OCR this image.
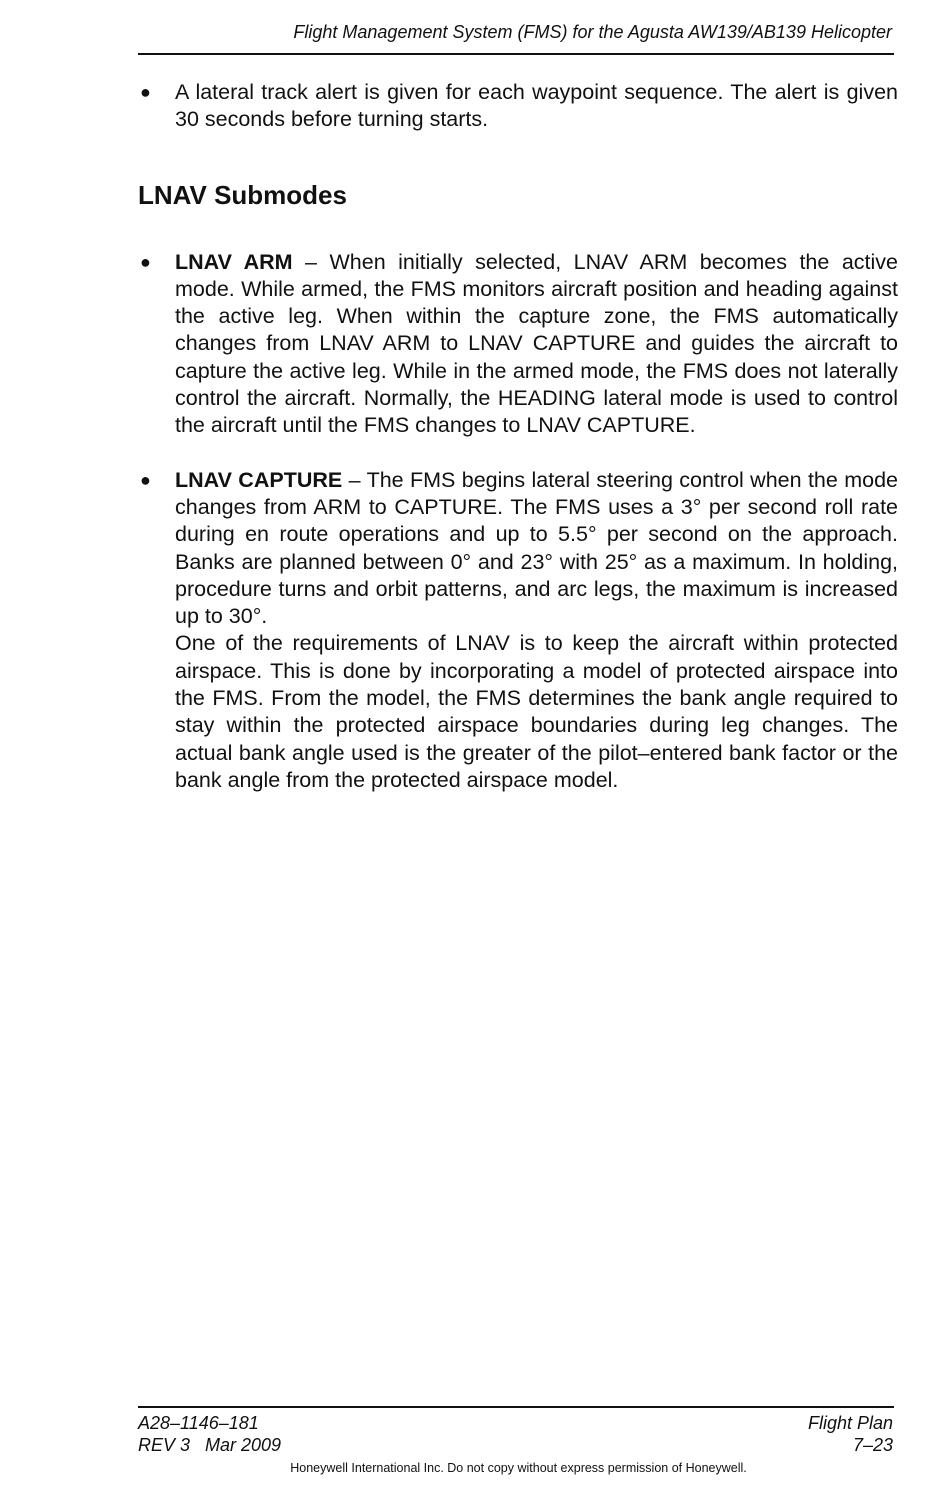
Flight Management System (FMS) for the Agusta AW139/AB139 Helicopter
● A lateral track alert is given for each waypoint sequence. The alert is given 30 seconds before turning starts.

LNAV Submodes
● LNAV ARM – When initially selected, LNAV ARM becomes the active mode. While armed, the FMS monitors aircraft position and heading against the active leg. When within the capture zone, the FMS automatically changes from LNAV ARM to LNAV CAPTURE and guides the aircraft to capture the active leg. While in the armed mode, the FMS does not laterally control the aircraft. Normally, the HEADING lateral mode is used to control the aircraft until the FMS changes to LNAV CAPTURE.

● LNAV CAPTURE – The FMS begins lateral steering control when the mode changes from ARM to CAPTURE. The FMS uses a 3° per second roll rate during en route operations and up to 5.5° per second on the approach. Banks are planned between 0° and 23° with 25° as a maximum. In holding, procedure turns and orbit patterns, and arc legs, the maximum is increased up to 30°.

One of the requirements of LNAV is to keep the aircraft within protected airspace. This is done by incorporating a model of protected airspace into the FMS. From the model, the FMS determines the bank angle required to stay within the protected airspace boundaries during leg changes. The actual bank angle used is the greater of the pilot–entered bank factor or the bank angle from the protected airspace model.

A28–1146–181
REV 3   Mar 2009
Flight Plan
7–23
Honeywell International Inc. Do not copy without express permission of Honeywell.
